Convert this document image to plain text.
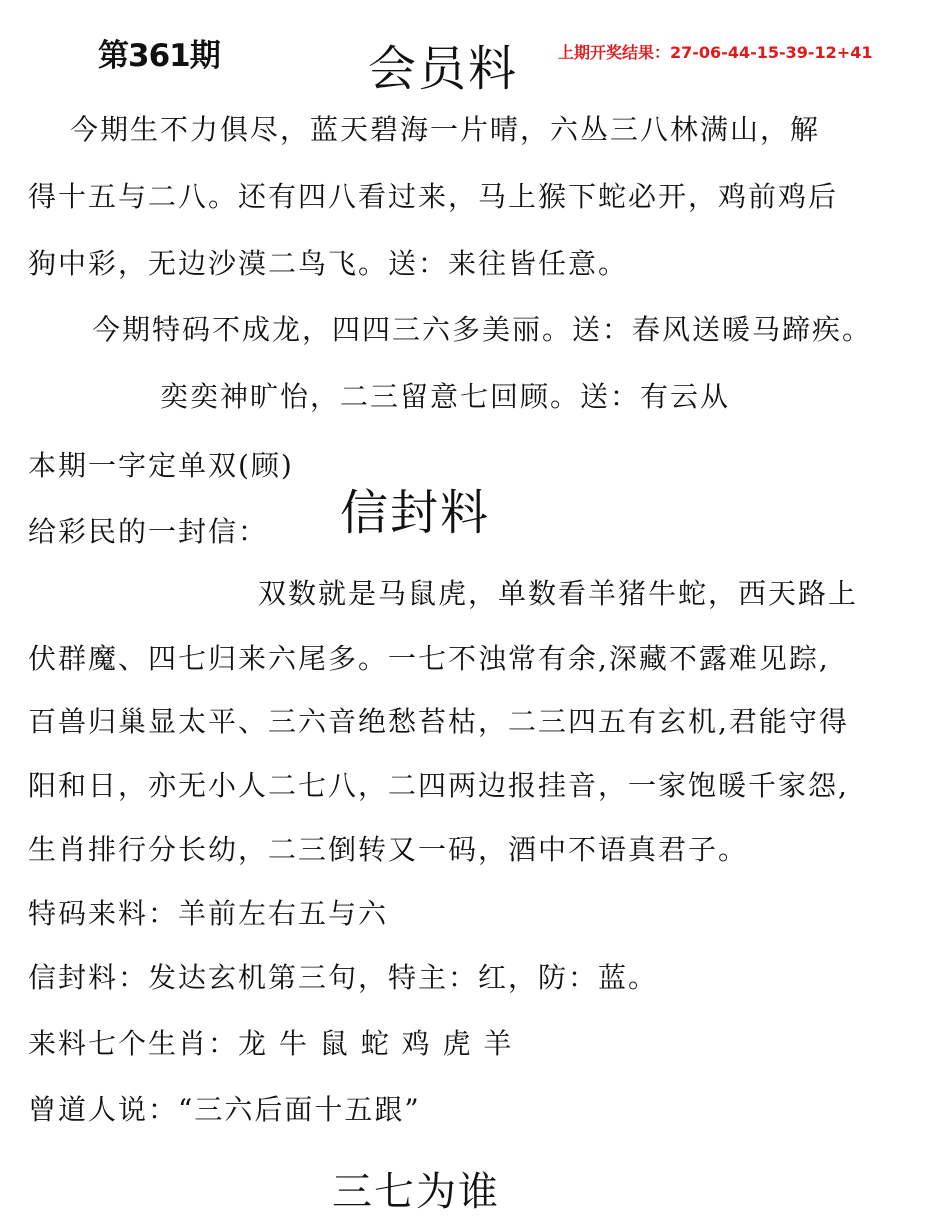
第361期	会员料 上期开奖结果：27-06-44-15-39-12+41
今期生不力俱尽，蓝天碧海一片晴，六丛三八林满山，解
得十五与二八。还有四八看过来，马上猴下蛇必开，鸡前鸡后
狗中彩，无边沙漠二鸟飞。送：来往皆任意。
今期特码不成龙，四四三六多美丽。送：春风送暖马蹄疾。
奕奕神旷怡，二三留意七回顾。送：有云从
本期一字定单双(顾)
信封料
给彩民的一封信：
双数就是马鼠虎，单数看羊猪牛蛇，西天路上
伏群魔、四七归来六尾多。一七不浊常有余,深藏不露难见踪,
百兽归巢显太平、三六音绝愁苔枯，二三四五有玄机,君能守得
阳和日，亦无小人二七八，二四两边报挂音，一家饱暖千家怨,
生肖排行分长幼，二三倒转又一码，酒中不语真君子。
特码来料：羊前左右五与六
信封料：发达玄机第三句，特主：红，防：蓝。
来料七个生肖：龙 牛 鼠 蛇 鸡 虎 羊
曾道人说：“三六后面十五跟”
三七为谁
